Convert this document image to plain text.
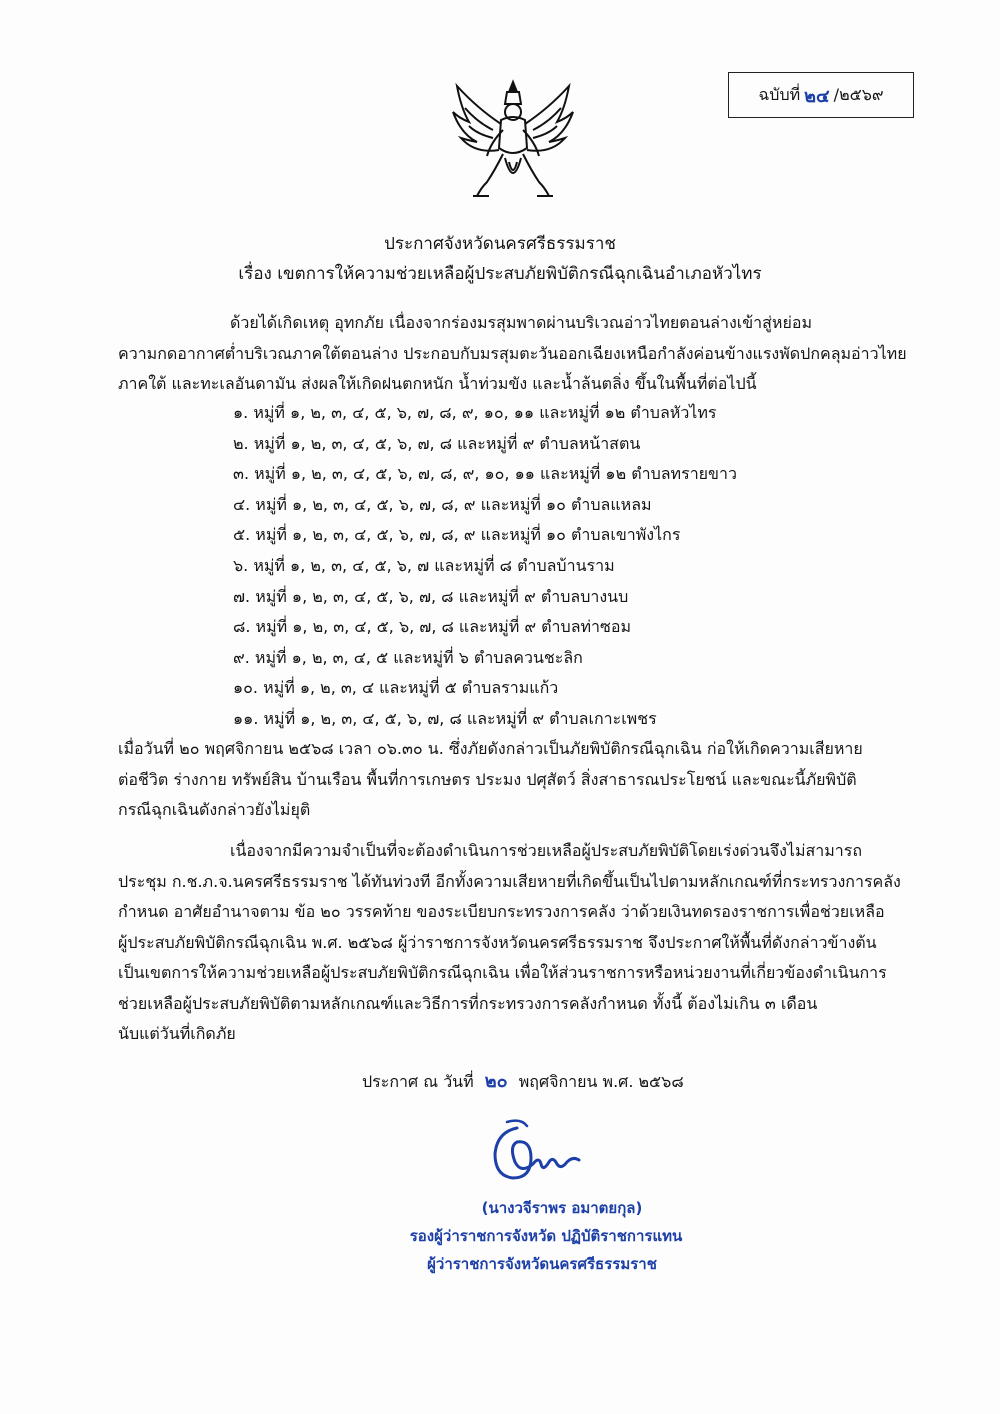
ฉบับที่ ๒๔ /๒๕๖๙
ประกาศจังหวัดนครศรีธรรมราช
เรื่อง เขตการให้ความช่วยเหลือผู้ประสบภัยพิบัติกรณีฉุกเฉินอำเภอหัวไทร
ด้วยได้เกิดเหตุ อุทกภัย เนื่องจากร่องมรสุมพาดผ่านบริเวณอ่าวไทยตอนล่างเข้าสู่หย่อม
ความกดอากาศต่ำบริเวณภาคใต้ตอนล่าง ประกอบกับมรสุมตะวันออกเฉียงเหนือกำลังค่อนข้างแรงพัดปกคลุมอ่าวไทย
ภาคใต้ และทะเลอันดามัน ส่งผลให้เกิดฝนตกหนัก น้ำท่วมขัง และน้ำล้นตลิ่ง ขึ้นในพื้นที่ต่อไปนี้
๑. หมู่ที่ ๑, ๒, ๓, ๔, ๕, ๖, ๗, ๘, ๙, ๑๐, ๑๑ และหมู่ที่ ๑๒ ตำบลหัวไทร
๒. หมู่ที่ ๑, ๒, ๓, ๔, ๕, ๖, ๗, ๘ และหมู่ที่ ๙ ตำบลหน้าสตน
๓. หมู่ที่ ๑, ๒, ๓, ๔, ๕, ๖, ๗, ๘, ๙, ๑๐, ๑๑ และหมู่ที่ ๑๒ ตำบลทรายขาว
๔. หมู่ที่ ๑, ๒, ๓, ๔, ๕, ๖, ๗, ๘, ๙ และหมู่ที่ ๑๐ ตำบลแหลม
๕. หมู่ที่ ๑, ๒, ๓, ๔, ๕, ๖, ๗, ๘, ๙ และหมู่ที่ ๑๐ ตำบลเขาพังไกร
๖. หมู่ที่ ๑, ๒, ๓, ๔, ๕, ๖, ๗ และหมู่ที่ ๘ ตำบลบ้านราม
๗. หมู่ที่ ๑, ๒, ๓, ๔, ๕, ๖, ๗, ๘ และหมู่ที่ ๙ ตำบลบางนบ
๘. หมู่ที่ ๑, ๒, ๓, ๔, ๕, ๖, ๗, ๘ และหมู่ที่ ๙ ตำบลท่าซอม
๙. หมู่ที่ ๑, ๒, ๓, ๔, ๕ และหมู่ที่ ๖ ตำบลควนชะลิก
๑๐. หมู่ที่ ๑, ๒, ๓, ๔ และหมู่ที่ ๕ ตำบลรามแก้ว
๑๑. หมู่ที่ ๑, ๒, ๓, ๔, ๕, ๖, ๗, ๘ และหมู่ที่ ๙ ตำบลเกาะเพชร
เมื่อวันที่ ๒๐ พฤศจิกายน ๒๕๖๘ เวลา ๐๖.๓๐ น. ซึ่งภัยดังกล่าวเป็นภัยพิบัติกรณีฉุกเฉิน ก่อให้เกิดความเสียหาย
ต่อชีวิต ร่างกาย ทรัพย์สิน บ้านเรือน พื้นที่การเกษตร ประมง ปศุสัตว์ สิ่งสาธารณประโยชน์ และขณะนี้ภัยพิบัติ
กรณีฉุกเฉินดังกล่าวยังไม่ยุติ
เนื่องจากมีความจำเป็นที่จะต้องดำเนินการช่วยเหลือผู้ประสบภัยพิบัติโดยเร่งด่วนจึงไม่สามารถ
ประชุม ก.ช.ภ.จ.นครศรีธรรมราช ได้ทันท่วงที อีกทั้งความเสียหายที่เกิดขึ้นเป็นไปตามหลักเกณฑ์ที่กระทรวงการคลัง
กำหนด อาศัยอำนาจตาม ข้อ ๒๐ วรรคท้าย ของระเบียบกระทรวงการคลัง ว่าด้วยเงินทดรองราชการเพื่อช่วยเหลือ
ผู้ประสบภัยพิบัติกรณีฉุกเฉิน พ.ศ. ๒๕๖๘ ผู้ว่าราชการจังหวัดนครศรีธรรมราช จึงประกาศให้พื้นที่ดังกล่าวข้างต้น
เป็นเขตการให้ความช่วยเหลือผู้ประสบภัยพิบัติกรณีฉุกเฉิน เพื่อให้ส่วนราชการหรือหน่วยงานที่เกี่ยวข้องดำเนินการ
ช่วยเหลือผู้ประสบภัยพิบัติตามหลักเกณฑ์และวิธีการที่กระทรวงการคลังกำหนด ทั้งนี้ ต้องไม่เกิน ๓ เดือน
นับแต่วันที่เกิดภัย
ประกาศ ณ วันที่ ๒๐ พฤศจิกายน พ.ศ. ๒๕๖๘
(นางวจีราพร อมาตยกุล)
รองผู้ว่าราชการจังหวัด ปฏิบัติราชการแทน
ผู้ว่าราชการจังหวัดนครศรีธรรมราช
